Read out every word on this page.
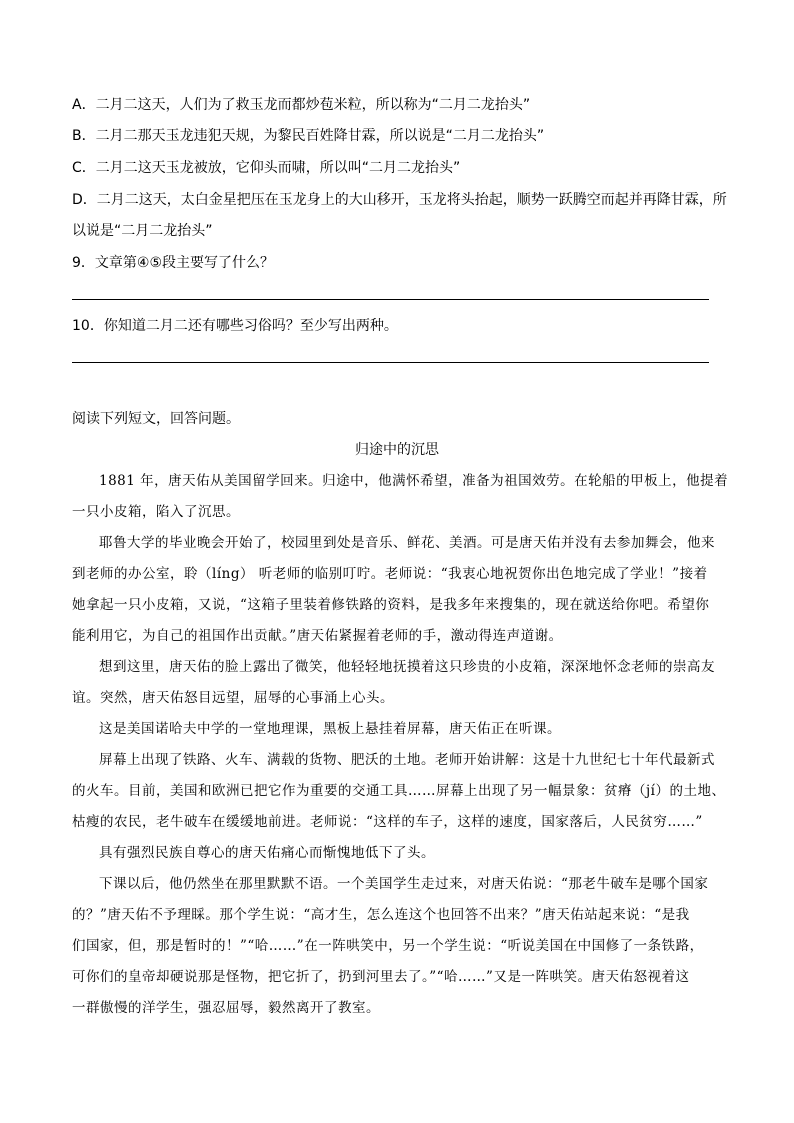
A．二月二这天，人们为了救玉龙而都炒苞米粒，所以称为“二月二龙抬头”
B．二月二那天玉龙违犯天规，为黎民百姓降甘霖，所以说是“二月二龙抬头”
C．二月二这天玉龙被放，它仰头而啸，所以叫“二月二龙抬头”
D．二月二这天，太白金星把压在玉龙身上的大山移开，玉龙将头抬起，顺势一跃腾空而起并再降甘霖，所
以说是“二月二龙抬头”
9．文章第④⑤段主要写了什么？
10．你知道二月二还有哪些习俗吗？至少写出两种。
阅读下列短文，回答问题。
归途中的沉思

1881 年，唐天佑从美国留学回来。归途中，他满怀希望，准备为祖国效劳。在轮船的甲板上，他提着
一只小皮箱，陷入了沉思。

耶鲁大学的毕业晚会开始了，校园里到处是音乐、鲜花、美酒。可是唐天佑并没有去参加舞会，他来
到老师的办公室，聆（líng） 听老师的临别叮咛。老师说：“我衷心地祝贺你出色地完成了学业！”接着
她拿起一只小皮箱，又说，“这箱子里装着修铁路的资料，是我多年来搜集的，现在就送给你吧。希望你
能利用它，为自己的祖国作出贡献。”唐天佑紧握着老师的手，激动得连声道谢。

想到这里，唐天佑的脸上露出了微笑，他轻轻地抚摸着这只珍贵的小皮箱，深深地怀念老师的崇高友
谊。突然，唐天佑怒目远望，屈辱的心事涌上心头。

这是美国诺哈夫中学的一堂地理课，黑板上悬挂着屏幕，唐天佑正在听课。

屏幕上出现了铁路、火车、满载的货物、肥沃的土地。老师开始讲解：这是十九世纪七十年代最新式
的火车。目前，美国和欧洲已把它作为重要的交通工具……屏幕上出现了另一幅景象：贫瘠（jí）的土地、
枯瘦的农民，老牛破车在缓缓地前进。老师说：“这样的车子，这样的速度，国家落后，人民贫穷……”

具有强烈民族自尊心的唐天佑痛心而惭愧地低下了头。

下课以后，他仍然坐在那里默默不语。一个美国学生走过来，对唐天佑说：“那老牛破车是哪个国家
的？”唐天佑不予理睬。那个学生说：“高才生，怎么连这个也回答不出来？”唐天佑站起来说：“是我
们国家，但，那是暂时的！”“哈……”在一阵哄笑中，另一个学生说：“听说美国在中国修了一条铁路，
可你们的皇帝却硬说那是怪物，把它折了，扔到河里去了。”“哈……”又是一阵哄笑。唐天佑怒视着这
一群傲慢的洋学生，强忍屈辱，毅然离开了教室。
